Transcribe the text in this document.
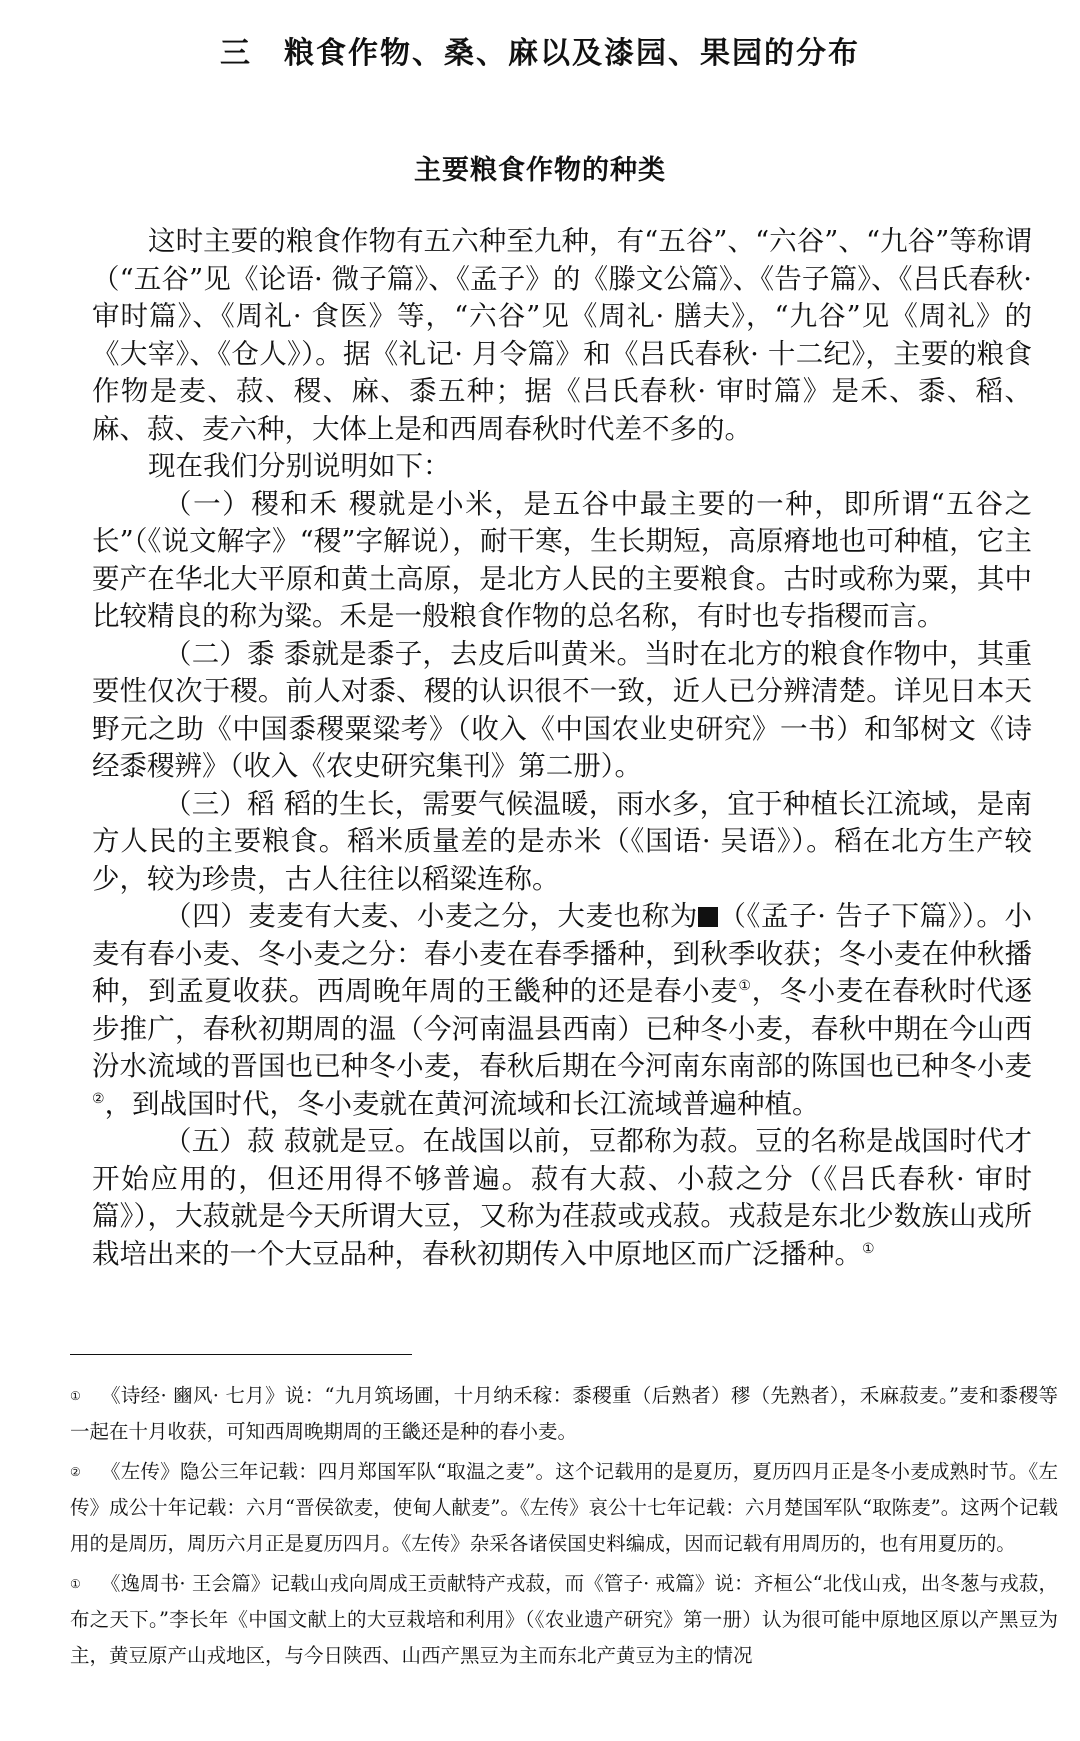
三　粮食作物、桑、麻以及漆园、果园的分布
主要粮食作物的种类

这时主要的粮食作物有五六种至九种，有“五谷”、“六谷”、“九谷”等称谓（“五谷”见《论语· 微子篇》、《孟子》的《滕文公篇》、《告子篇》、《吕氏春秋· 审时篇》、《周礼· 食医》等，“六谷”见《周礼· 膳夫》，“九谷”见《周礼》的《大宰》、《仓人》）。据《礼记· 月令篇》和《吕氏春秋· 十二纪》，主要的粮食作物是麦、菽、稷、麻、黍五种；据《吕氏春秋· 审时篇》是禾、黍、稻、麻、菽、麦六种，大体上是和西周春秋时代差不多的。

现在我们分别说明如下：

（一）稷和禾 稷就是小米，是五谷中最主要的一种，即所谓“五谷之长”（《说文解字》“稷”字解说），耐干寒，生长期短，高原瘠地也可种植，它主要产在华北大平原和黄土高原，是北方人民的主要粮食。古时或称为粟，其中比较精良的称为粱。禾是一般粮食作物的总名称，有时也专指稷而言。

（二）黍 黍就是黍子，去皮后叫黄米。当时在北方的粮食作物中，其重要性仅次于稷。前人对黍、稷的认识很不一致，近人已分辨清楚。详见日本天野元之助《中国黍稷粟粱考》（收入《中国农业史研究》一书）和邹树文《诗经黍稷辨》（收入《农史研究集刊》第二册）。

（三）稻 稻的生长，需要气候温暖，雨水多，宜于种植长江流域，是南方人民的主要粮食。稻米质量差的是赤米（《国语· 吴语》）。稻在北方生产较少，较为珍贵，古人往往以稻粱连称。

（四）麦麦有大麦、小麦之分，大麦也称为 （《孟子· 告子下篇》）。小麦有春小麦、冬小麦之分：春小麦在春季播种，到秋季收获；冬小麦在仲秋播种，到孟夏收获。西周晚年周的王畿种的还是春小麦①，冬小麦在春秋时代逐步推广，春秋初期周的温（今河南温县西南）已种冬小麦，春秋中期在今山西汾水流域的晋国也已种冬小麦，春秋后期在今河南东南部的陈国也已种冬小麦②，到战国时代，冬小麦就在黄河流域和长江流域普遍种植。

（五）菽 菽就是豆。在战国以前，豆都称为菽。豆的名称是战国时代才开始应用的，但还用得不够普遍。菽有大菽、小菽之分（《吕氏春秋· 审时篇》），大菽就是今天所谓大豆，又称为荏菽或戎菽。戎菽是东北少数族山戎所栽培出来的一个大豆品种，春秋初期传入中原地区而广泛播种。①

① 《诗经· 豳风· 七月》说：“九月筑场圃，十月纳禾稼：黍稷重（后熟者）穋（先熟者），禾麻菽麦。”麦和黍稷等一起在十月收获，可知西周晚期周的王畿还是种的春小麦。

② 《左传》隐公三年记载：四月郑国军队“取温之麦”。这个记载用的是夏历，夏历四月正是冬小麦成熟时节。《左传》成公十年记载：六月“晋侯欲麦，使甸人献麦”。《左传》哀公十七年记载：六月楚国军队“取陈麦”。这两个记载用的是周历，周历六月正是夏历四月。《左传》杂采各诸侯国史料编成，因而记载有用周历的，也有用夏历的。

① 《逸周书· 王会篇》记载山戎向周成王贡献特产戎菽，而《管子· 戒篇》说：齐桓公“北伐山戎，出冬葱与戎菽，布之天下。”李长年《中国文献上的大豆栽培和利用》（《农业遗产研究》第一册）认为很可能中原地区原以产黑豆为主，黄豆原产山戎地区，与今日陕西、山西产黑豆为主而东北产黄豆为主的情况
